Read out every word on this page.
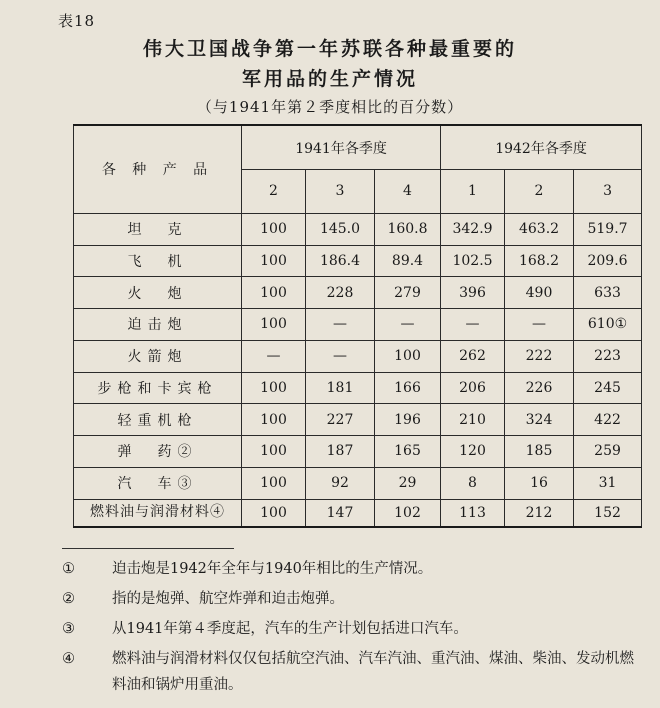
表18
伟大卫国战争第一年苏联各种最重要的
军用品的生产情况
（与1941年第２季度相比的百分数）
各 种 产 品	1941年各季度			1942年各季度		
	2	3	4	1	2	3
坦　克	100	145.0	160.8	342.9	463.2	519.7
飞　机	100	186.4	89.4	102.5	168.2	209.6
火　炮	100	228	279	396	490	633
迫击炮	100	—	—	—	—	610①
火箭炮	—	—	100	262	222	223
步枪和卡宾枪	100	181	166	206	226	245
轻重机枪	100	227	196	210	324	422
弹　药②	100	187	165	120	185	259
汽　车③	100	92	29	8	16	31
燃料油与润滑材料④	100	147	102	113	212	152
①	迫击炮是1942年全年与1940年相比的生产情况。
②	指的是炮弹、航空炸弹和迫击炮弹。
③	从1941年第４季度起，汽车的生产计划包括进口汽车。
④	燃料油与润滑材料仅仅包括航空汽油、汽车汽油、重汽油、煤油、柴油、发动机燃料油和锅炉用重油。
